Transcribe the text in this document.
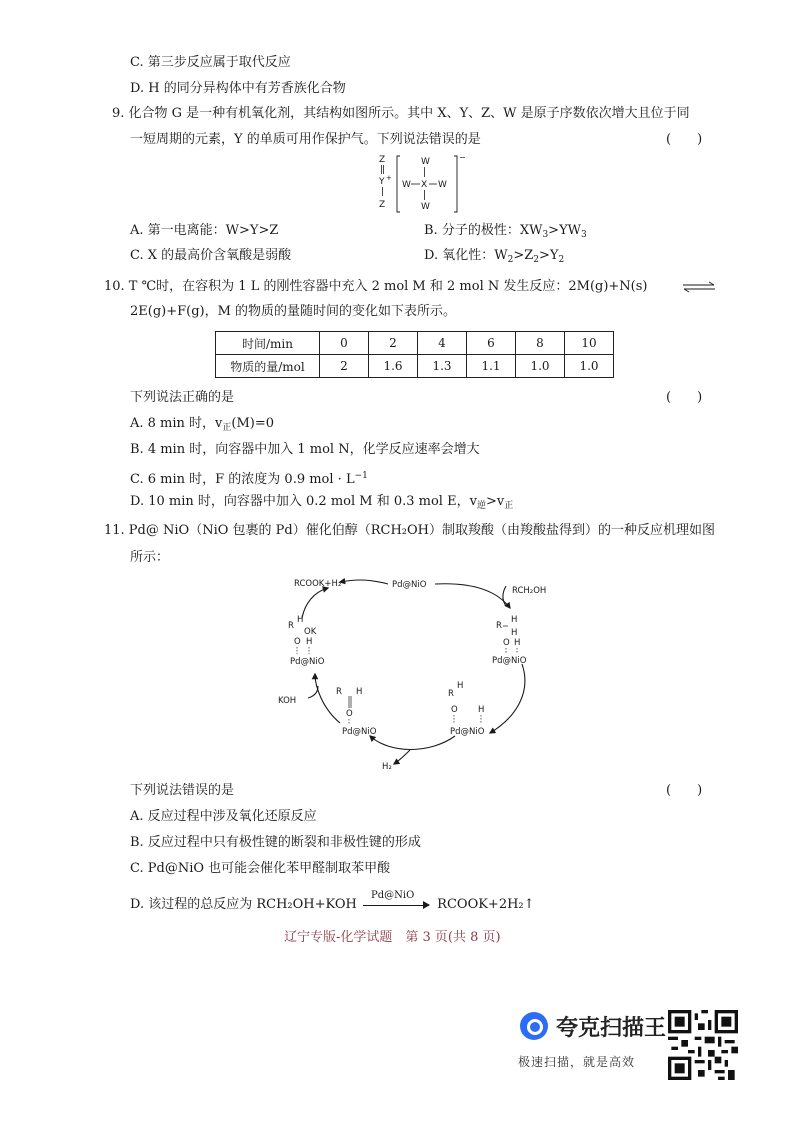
C. 第三步反应属于取代反应
D. H 的同分异构体中有芳香族化合物
9. 化合物 G 是一种有机氧化剂，其结构如图所示。其中 X、Y、Z、W 是原子序数依次增大且位于同
一短周期的元素，Y 的单质可用作保护气。下列说法错误的是	(　　)
Z
Y +
Z
−
W
W X W
W
A. 第一电离能：W>Y>Z	B. 分子的极性：$XW_3>YW_3$
C. X 的最高价含氧酸是弱酸	D. 氧化性：$W_2>Z_2>Y_2$
10. T ℃时，在容积为 1 L 的刚性容器中充入 2 mol M 和 2 mol N 发生反应：2M(g)+N(s)
2E(g)+F(g)，M 的物质的量随时间的变化如下表所示。
时间/min	0	2	4	6	8	10
物质的量/mol	2	1.6	1.3	1.1	1.0	1.0
下列说法正确的是	(　　)
A. 8 min 时，$v_正(M)=0$
B. 4 min 时，向容器中加入 1 mol N，化学反应速率会增大
C. 6 min 时，F 的浓度为 0.9 mol · $L^{-1}$
D. 10 min 时，向容器中加入 0.2 mol M 和 0.3 mol E，$v_逆>v_正$
11. Pd@ NiO（NiO 包裹的 Pd）催化伯醇（RCH₂OH）制取羧酸（由羧酸盐得到）的一种反应机理如图
所示：
Pd@NiO
RCOOK+H₂
RCH₂OH
KOH
H₂
R
H
H
O H
Pd@NiO
R
H
OK
O H
Pd@NiO
R H
O
Pd@NiO
H
R
O H
Pd@NiO
下列说法错误的是	(　　)
A. 反应过程中涉及氧化还原反应
B. 反应过程中只有极性键的断裂和非极性键的形成
C. Pd@NiO 也可能会催化苯甲醛制取苯甲酸
D. 该过程的总反应为 RCH₂OH+KOH
Pd@NiO
RCOOK+2H₂↑
辽宁专版-化学试题　第 3 页(共 8 页)
夸克扫描王
极速扫描，就是高效
